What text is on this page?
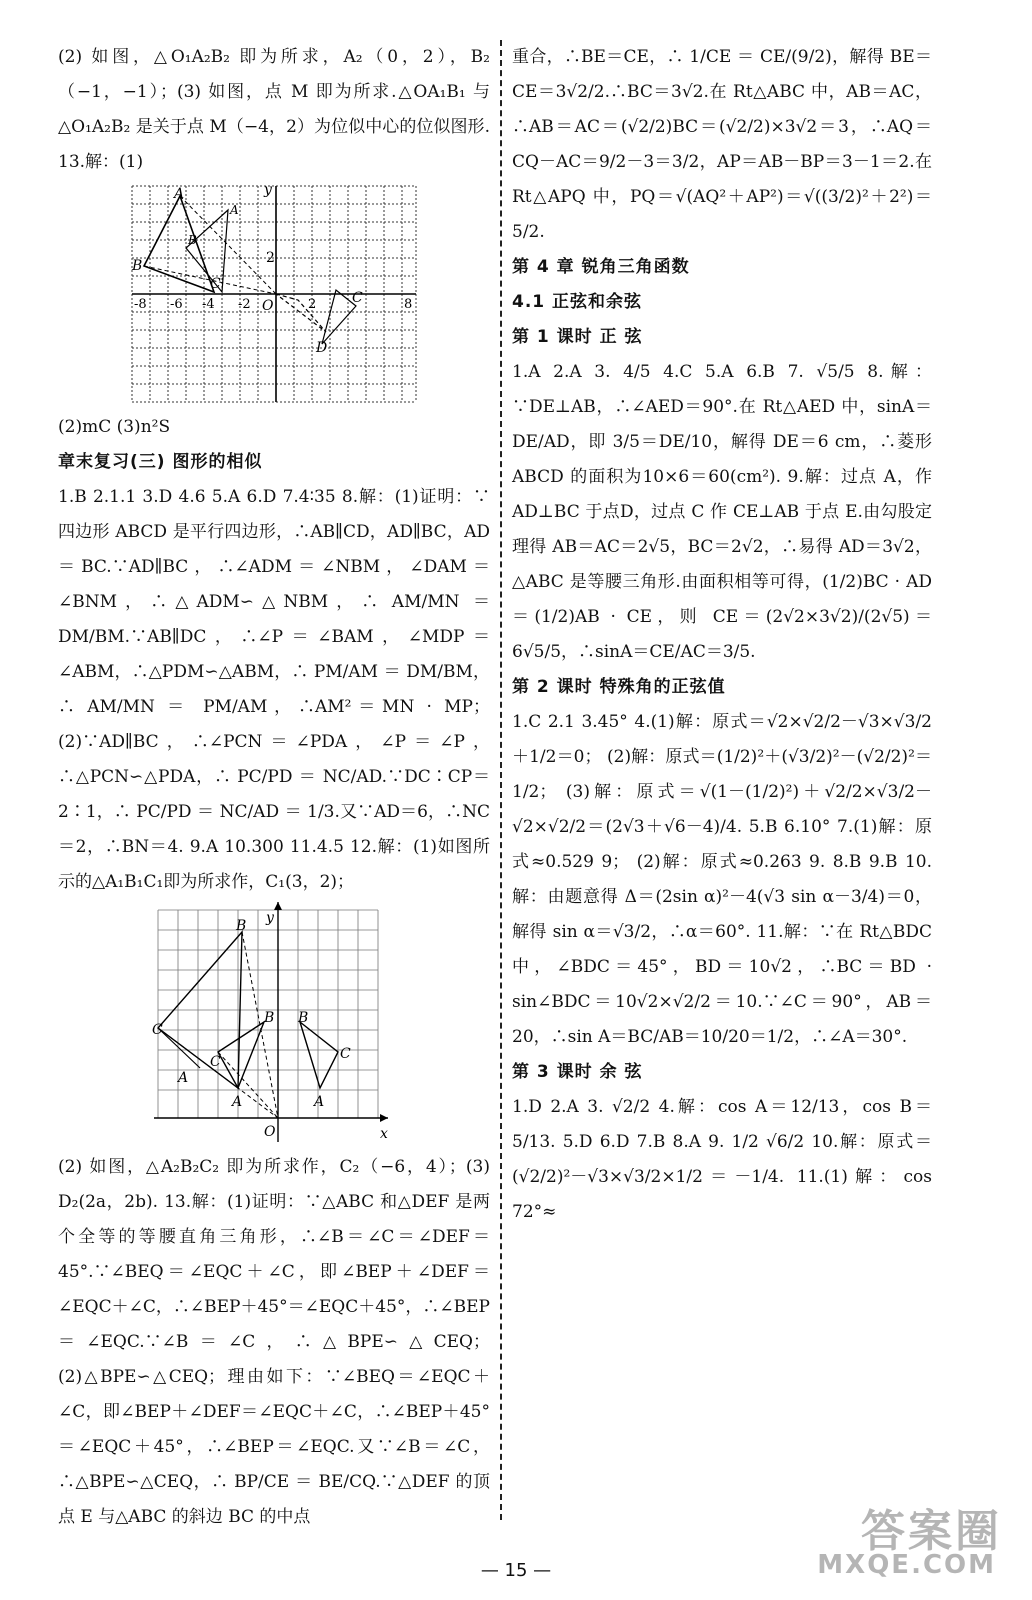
(2) 如图，△O₁A₂B₂ 即为所求，A₂（0，2），B₂（−1，−1）；(3) 如图，点 M 即为所求.△OA₁B₁ 与 △O₁A₂B₂ 是关于点 M（−4，2）为位似中心的位似图形. 13.解：(1)

A
B
C
A
B
y
2
O
D
C
-8 -6 -4 -2	2	8

(2)mC (3)n²S

章末复习(三) 图形的相似

1.B 2.1.1 3.D 4.6 5.A 6.D 7.4∶35 8.解：(1)证明：∵四边形 ABCD 是平行四边形，∴AB∥CD，AD∥BC，AD＝BC.∵AD∥BC，∴∠ADM＝∠NBM，∠DAM＝∠BNM，∴△ADM∽△NBM，∴ AM/MN ＝ DM/BM.∵AB∥DC，∴∠P＝∠BAM，∠MDP＝∠ABM，∴△PDM∽△ABM，∴ PM/AM ＝ DM/BM，∴ AM/MN ＝ PM/AM，∴AM²＝MN · MP；(2)∵AD∥BC，∴∠PCN＝∠PDA，∠P＝∠P，∴△PCN∽△PDA，∴ PC/PD ＝ NC/AD.∵DC∶CP＝2∶1，∴ PC/PD ＝ NC/AD ＝ 1/3.又∵AD＝6，∴NC＝2，∴BN＝4. 9.A 10.300 11.4.5 12.解：(1)如图所示的△A₁B₁C₁即为所求作，C₁(3，2)；

y
x
O
B
B B
C
C	C
A
A	A

(2) 如图，△A₂B₂C₂ 即为所求作，C₂（−6，4）；(3) D₂(2a，2b). 13.解：(1)证明：∵△ABC 和△DEF 是两个全等的等腰直角三角形，∴∠B＝∠C＝∠DEF＝45°.∵∠BEQ＝∠EQC＋∠C，即∠BEP＋∠DEF＝∠EQC＋∠C，∴∠BEP＋45°＝∠EQC＋45°，∴∠BEP＝∠EQC.∵∠B＝∠C，∴△BPE∽△CEQ；(2)△BPE∽△CEQ；理由如下：∵∠BEQ＝∠EQC＋∠C，即∠BEP＋∠DEF＝∠EQC＋∠C，∴∠BEP＋45°＝∠EQC＋45°，∴∠BEP＝∠EQC.又∵∠B＝∠C，∴△BPE∽△CEQ，∴ BP/CE ＝ BE/CQ.∵△DEF 的顶点 E 与△ABC 的斜边 BC 的中点

重合，∴BE＝CE，∴ 1/CE ＝ CE/(9/2)，解得 BE＝CE＝3√2/2.∴BC＝3√2.在 Rt△ABC 中，AB＝AC，∴AB＝AC＝(√2/2)BC＝(√2/2)×3√2＝3，∴AQ＝CQ－AC＝9/2－3＝3/2，AP＝AB－BP＝3－1＝2.在 Rt△APQ 中，PQ＝√(AQ²＋AP²)＝√((3/2)²＋2²)＝5/2.

第 4 章 锐角三角函数

4.1 正弦和余弦

第 1 课时 正 弦

1.A 2.A 3. 4/5 4.C 5.A 6.B 7. √5/5 8.解：∵DE⊥AB，∴∠AED＝90°.在 Rt△AED 中，sinA＝DE/AD，即 3/5＝DE/10，解得 DE＝6 cm，∴菱形ABCD 的面积为10×6＝60(cm²). 9.解：过点 A，作 AD⊥BC 于点D，过点 C 作 CE⊥AB 于点 E.由勾股定理得 AB＝AC＝2√5，BC＝2√2，∴易得 AD＝3√2，△ABC 是等腰三角形.由面积相等可得，(1/2)BC · AD＝(1/2)AB · CE，则 CE＝(2√2×3√2)/(2√5)＝6√5/5，∴sinA＝CE/AC＝3/5.

第 2 课时 特殊角的正弦值

1.C 2.1 3.45° 4.(1)解：原式＝√2×√2/2－√3×√3/2＋1/2＝0； (2)解：原式＝(1/2)²＋(√3/2)²－(√2/2)²＝1/2； (3)解：原式＝√(1－(1/2)²)＋√2/2×√3/2－√2×√2/2＝(2√3＋√6－4)/4. 5.B 6.10° 7.(1)解：原式≈0.529 9； (2)解：原式≈0.263 9. 8.B 9.B 10.解：由题意得 Δ＝(2sin α)²－4(√3 sin α－3/4)＝0，解得 sin α＝√3/2，∴α＝60°. 11.解：∵在 Rt△BDC 中，∠BDC＝45°，BD＝10√2，∴BC＝BD · sin∠BDC＝10√2×√2/2＝10.∵∠C＝90°，AB＝20，∴sin A＝BC/AB＝10/20＝1/2，∴∠A＝30°.

第 3 课时 余 弦

1.D 2.A 3. √2/2 4.解：cos A＝12/13，cos B＝5/13. 5.D 6.D 7.B 8.A 9. 1/2 √6/2 10.解：原式＝(√2/2)²－√3×√3/2×1/2＝－1/4. 11.(1)解：cos 72°≈

— 15 —
答案圈
MXQE.COM
